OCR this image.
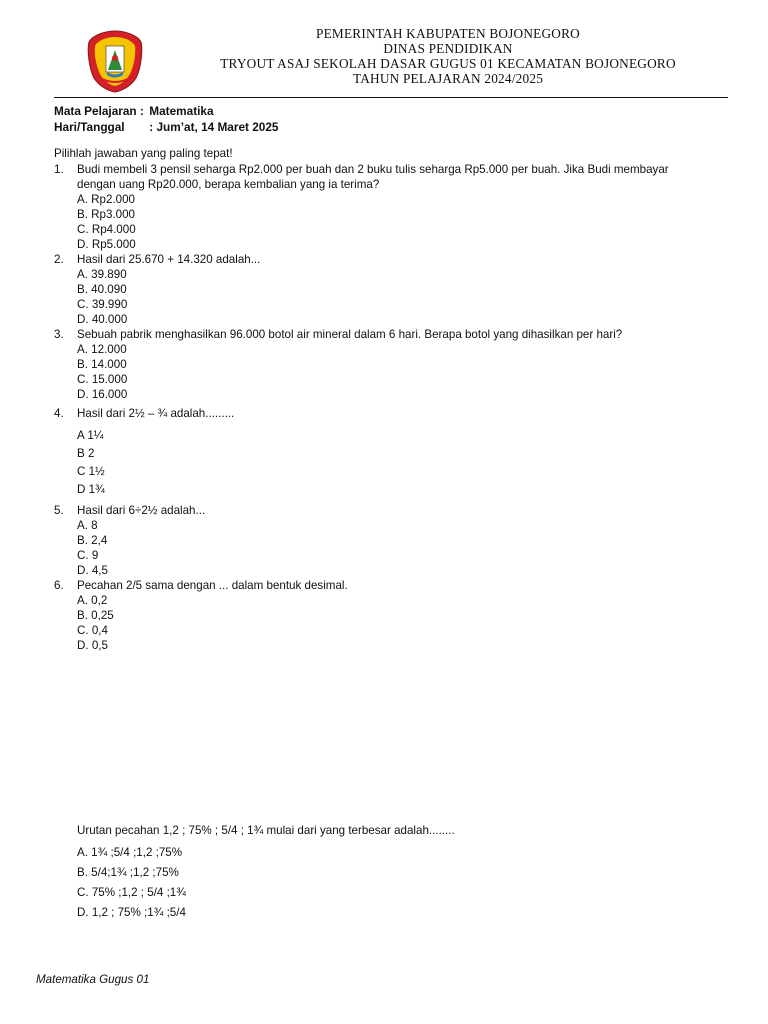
PEMERINTAH KABUPATEN BOJONEGORO
DINAS PENDIDIKAN
TRYOUT ASAJ SEKOLAH DASAR GUGUS 01 KECAMATAN BOJONEGORO
TAHUN PELAJARAN 2024/2025
Mata Pelajaran : Matematika
Hari/Tanggal : Jum’at, 14 Maret 2025
Pilihlah jawaban yang paling tepat!
1.	Budi membeli 3 pensil seharga Rp2.000 per buah dan 2 buku tulis seharga Rp5.000 per buah. Jika Budi membayar
dengan uang Rp20.000, berapa kembalian yang ia terima?
A. Rp2.000
B. Rp3.000
C. Rp4.000
D. Rp5.000
2.	Hasil dari 25.670 + 14.320 adalah...
A. 39.890
B. 40.090
C. 39.990
D. 40.000
3.	Sebuah pabrik menghasilkan 96.000 botol air mineral dalam 6 hari. Berapa botol yang dihasilkan per hari?
A. 12.000
B. 14.000
C. 15.000
D. 16.000
4.	Hasil dari 2½ – ¾ adalah.........
A 1¼
B 2
C 1½
D 1¾
5.	Hasil dari 6÷2½ adalah...
A. 8
B. 2,4
C. 9
D. 4,5
6.	Pecahan 2/5 sama dengan ... dalam bentuk desimal.
A. 0,2
B. 0,25
C. 0,4
D. 0,5
Urutan pecahan 1,2 ; 75% ; 5/4 ; 1¾ mulai dari yang terbesar adalah........
A. 1¾ ;5/4 ;1,2 ;75%
B. 5/4;1¾ ;1,2 ;75%
C. 75% ;1,2 ; 5/4 ;1¾
D. 1,2 ; 75% ;1¾ ;5/4
Matematika Gugus 01
